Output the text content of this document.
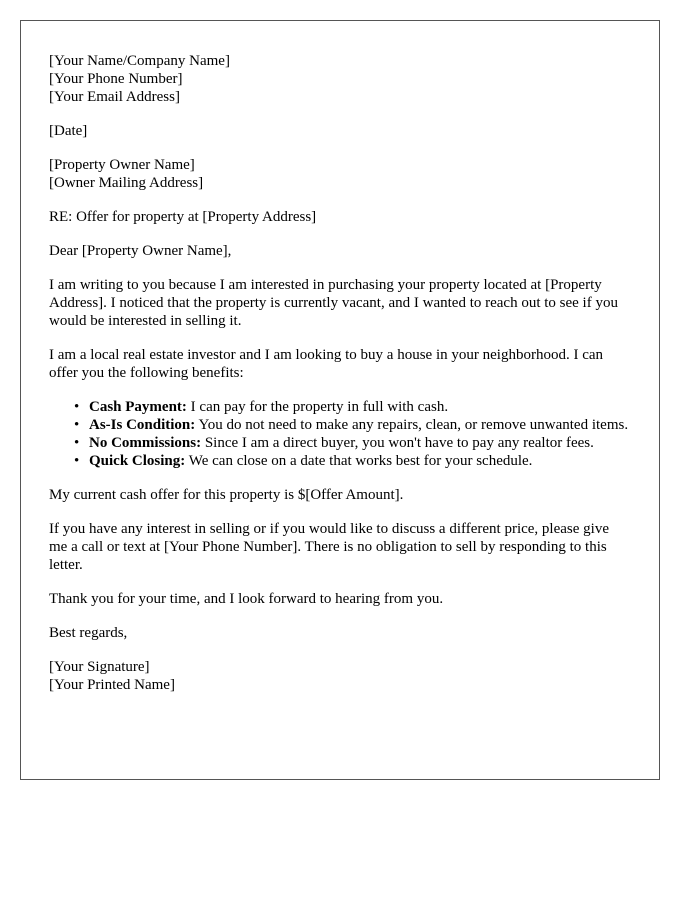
[Your Name/Company Name]
[Your Phone Number]
[Your Email Address]
[Date]
[Property Owner Name]
[Owner Mailing Address]

RE: Offer for property at [Property Address]

Dear [Property Owner Name],

I am writing to you because I am interested in purchasing your property located at [Property Address]. I noticed that the property is currently vacant, and I wanted to reach out to see if you would be interested in selling it.

I am a local real estate investor and I am looking to buy a house in your neighborhood. I can offer you the following benefits:

• Cash Payment: I can pay for the property in full with cash.
• As-Is Condition: You do not need to make any repairs, clean, or remove unwanted items.
• No Commissions: Since I am a direct buyer, you won't have to pay any realtor fees.
• Quick Closing: We can close on a date that works best for your schedule.

My current cash offer for this property is $[Offer Amount].

If you have any interest in selling or if you would like to discuss a different price, please give me a call or text at [Your Phone Number]. There is no obligation to sell by responding to this letter.

Thank you for your time, and I look forward to hearing from you.

Best regards,

[Your Signature]
[Your Printed Name]
